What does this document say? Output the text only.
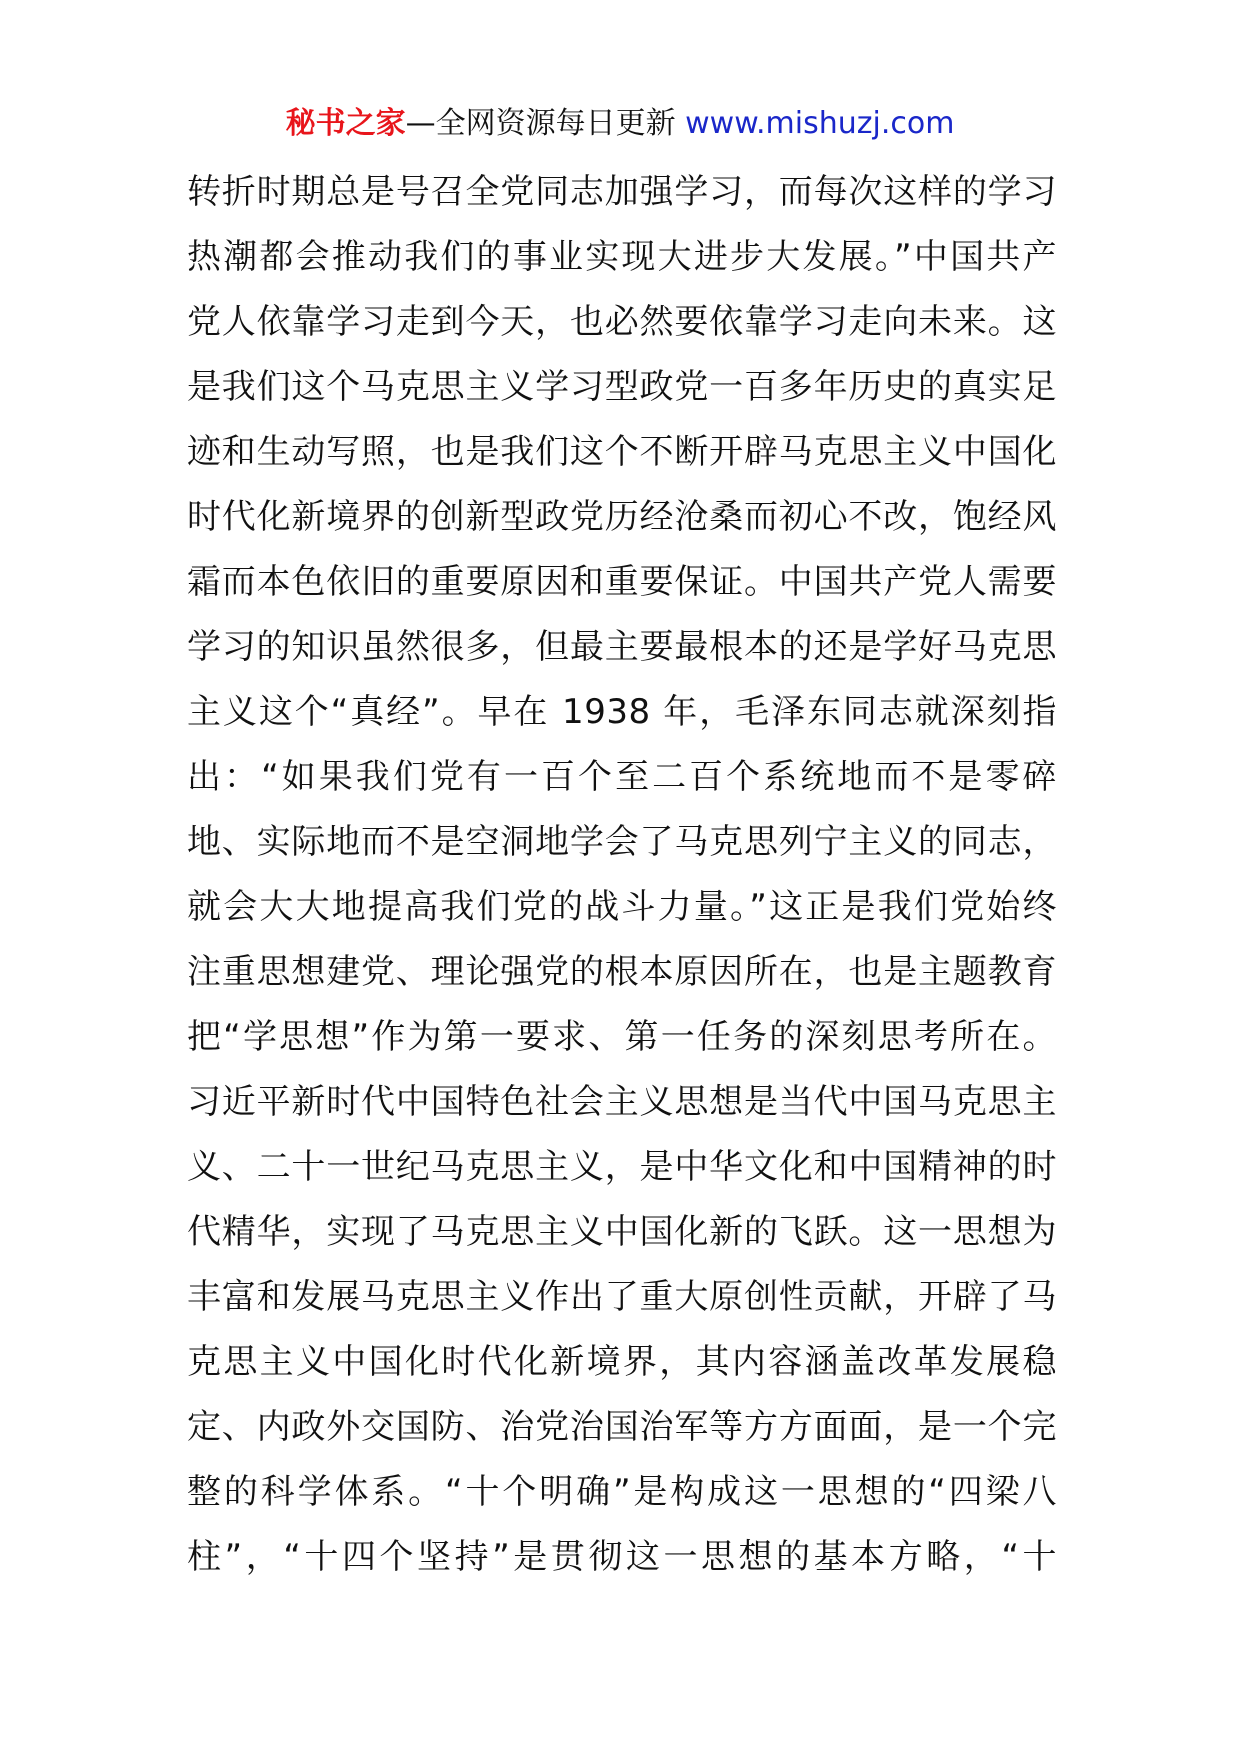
秘书之家—全网资源每日更新 www.mishuzj.com
转折时期总是号召全党同志加强学习，而每次这样的学习
热潮都会推动我们的事业实现大进步大发展。”中国共产
党人依靠学习走到今天，也必然要依靠学习走向未来。这
是我们这个马克思主义学习型政党一百多年历史的真实足
迹和生动写照，也是我们这个不断开辟马克思主义中国化
时代化新境界的创新型政党历经沧桑而初心不改，饱经风
霜而本色依旧的重要原因和重要保证。中国共产党人需要
学习的知识虽然很多，但最主要最根本的还是学好马克思
主义这个“真经”。早在 1938 年，毛泽东同志就深刻指
出：“如果我们党有一百个至二百个系统地而不是零碎
地、实际地而不是空洞地学会了马克思列宁主义的同志，
就会大大地提高我们党的战斗力量。”这正是我们党始终
注重思想建党、理论强党的根本原因所在，也是主题教育
把“学思想”作为第一要求、第一任务的深刻思考所在。
习近平新时代中国特色社会主义思想是当代中国马克思主
义、二十一世纪马克思主义，是中华文化和中国精神的时
代精华，实现了马克思主义中国化新的飞跃。这一思想为
丰富和发展马克思主义作出了重大原创性贡献，开辟了马
克思主义中国化时代化新境界，其内容涵盖改革发展稳
定、内政外交国防、治党治国治军等方方面面，是一个完
整的科学体系。“十个明确”是构成这一思想的“四梁八
柱”，“十四个坚持”是贯彻这一思想的基本方略，“十
